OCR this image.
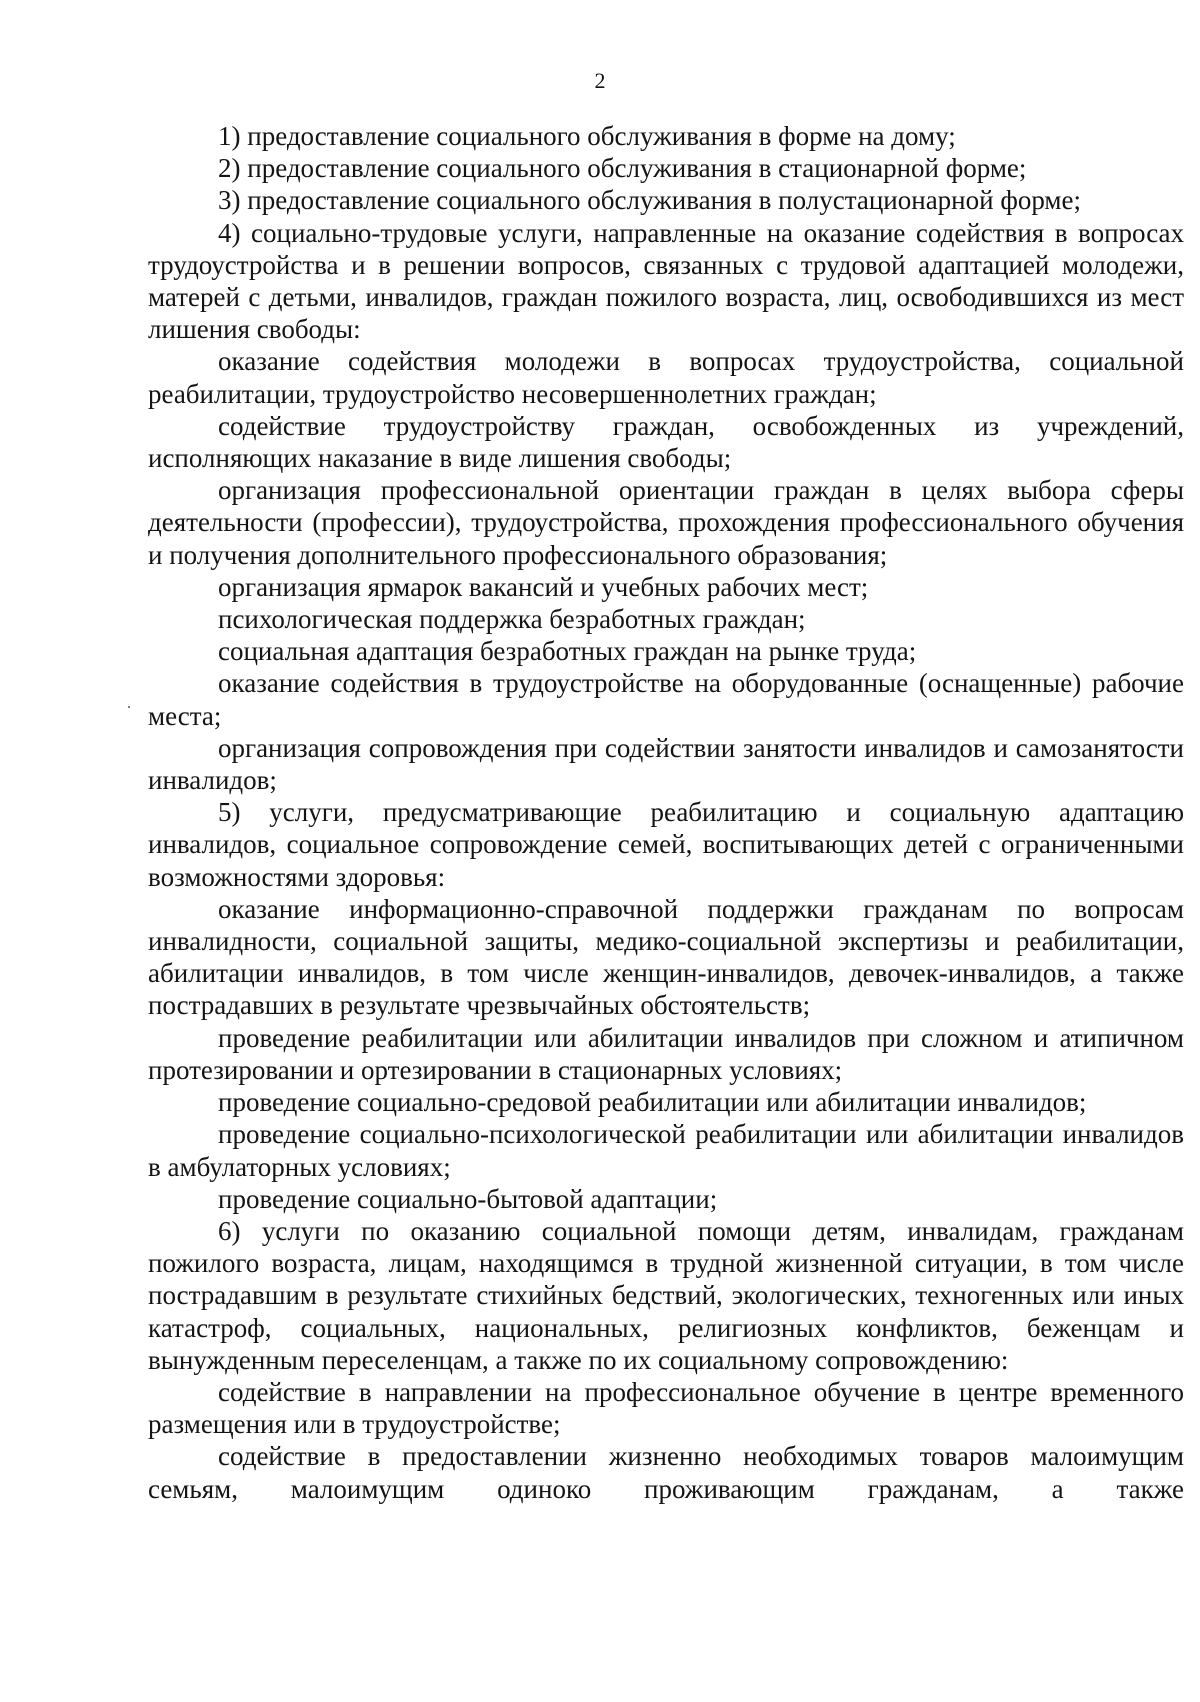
2

1) предоставление социального обслуживания в форме на дому;

2) предоставление социального обслуживания в стационарной форме;

3) предоставление социального обслуживания в полустационарной форме;

4) социально-трудовые услуги, направленные на оказание содействия в вопросах трудоустройства и в решении вопросов, связанных с трудовой адаптацией молодежи, матерей с детьми, инвалидов, граждан пожилого возраста, лиц, освободившихся из мест лишения свободы:

оказание содействия молодежи в вопросах трудоустройства, социальной реабилитации, трудоустройство несовершеннолетних граждан;

содействие трудоустройству граждан, освобожденных из учреждений, исполняющих наказание в виде лишения свободы;

организация профессиональной ориентации граждан в целях выбора сферы деятельности (профессии), трудоустройства, прохождения профессионального обучения и получения дополнительного профессионального образования;

организация ярмарок вакансий и учебных рабочих мест;

психологическая поддержка безработных граждан;

социальная адаптация безработных граждан на рынке труда;

оказание содействия в трудоустройстве на оборудованные (оснащенные) рабочие места;

организация сопровождения при содействии занятости инвалидов и самозанятости инвалидов;

5) услуги, предусматривающие реабилитацию и социальную адаптацию инвалидов, социальное сопровождение семей, воспитывающих детей с ограниченными возможностями здоровья:

оказание информационно-справочной поддержки гражданам по вопросам инвалидности, социальной защиты, медико-социальной экспертизы и реабилитации, абилитации инвалидов, в том числе женщин-инвалидов, девочек-инвалидов, а также пострадавших в результате чрезвычайных обстоятельств;

проведение реабилитации или абилитации инвалидов при сложном и атипичном протезировании и ортезировании в стационарных условиях;

проведение социально-средовой реабилитации или абилитации инвалидов;

проведение социально-психологической реабилитации или абилитации инвалидов в амбулаторных условиях;

проведение социально-бытовой адаптации;

6) услуги по оказанию социальной помощи детям, инвалидам, гражданам пожилого возраста, лицам, находящимся в трудной жизненной ситуации, в том числе пострадавшим в результате стихийных бедствий, экологических, техногенных или иных катастроф, социальных, национальных, религиозных конфликтов, беженцам и вынужденным переселенцам, а также по их социальному сопровождению:

содействие в направлении на профессиональное обучение в центре временного размещения или в трудоустройстве;

содействие в предоставлении жизненно необходимых товаров малоимущим семьям, малоимущим одиноко проживающим гражданам, а также
